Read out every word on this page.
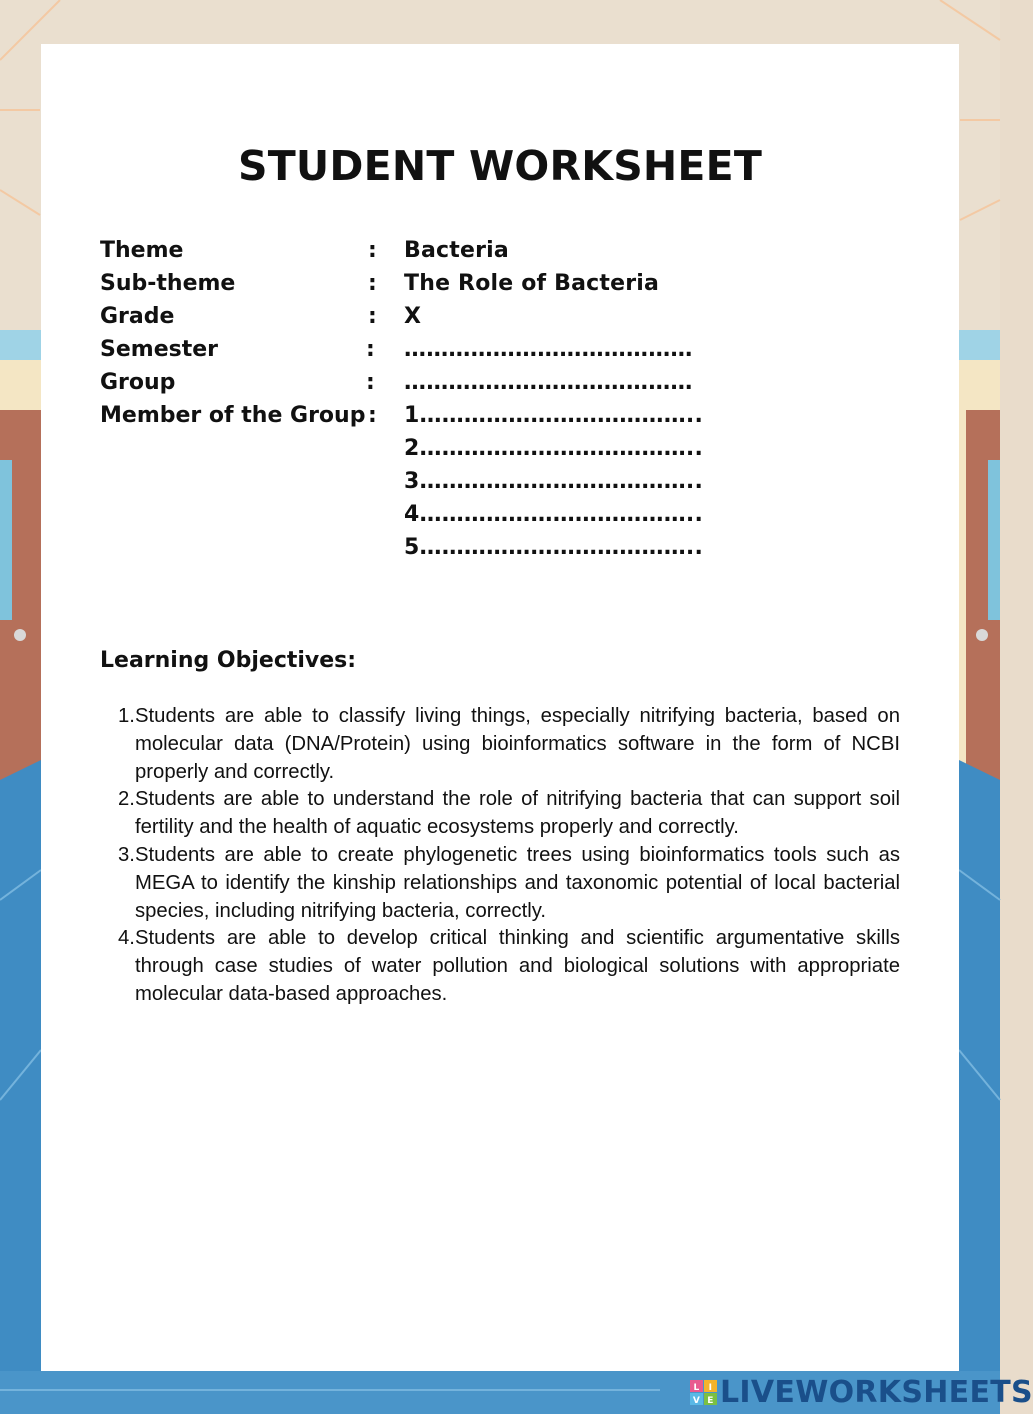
STUDENT WORKSHEET
Theme	: Bacteria
Sub-theme	: The Role of Bacteria
Grade	: X
Semester	: …………………………………
Group	: …………………………………
Member of the Group : 1………………………………..
2………………………………..
3………………………………..
4………………………………..
5………………………………..
Learning Objectives:
1. Students are able to classify living things, especially nitrifying bacteria, based on molecular data (DNA/Protein) using bioinformatics software in the form of NCBI properly and correctly.
2. Students are able to understand the role of nitrifying bacteria that can support soil fertility and the health of aquatic ecosystems properly and correctly.
3. Students are able to create phylogenetic trees using bioinformatics tools such as MEGA to identify the kinship relationships and taxonomic potential of local bacterial species, including nitrifying bacteria, correctly.
4. Students are able to develop critical thinking and scientific argumentative skills through case studies of water pollution and biological solutions with appropriate molecular data-based approaches.
L I
V E LIVEWORKSHEETS
